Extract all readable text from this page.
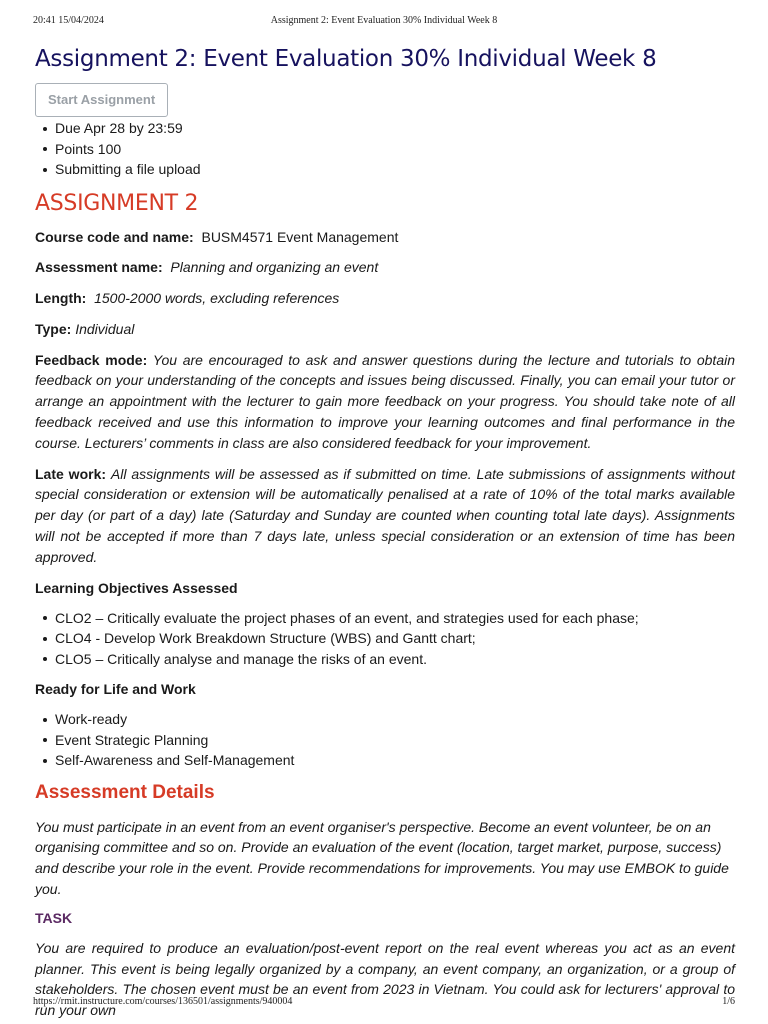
20:41 15/04/2024	Assignment 2: Event Evaluation 30% Individual Week 8
Assignment 2: Event Evaluation 30% Individual Week 8
Start Assignment
Due Apr 28 by 23:59
Points 100
Submitting a file upload
ASSIGNMENT 2

Course code and name: BUSM4571 Event Management

Assessment name: Planning and organizing an event

Length: 1500-2000 words, excluding references

Type: Individual

Feedback mode: You are encouraged to ask and answer questions during the lecture and tutorials to obtain feedback on your understanding of the concepts and issues being discussed. Finally, you can email your tutor or arrange an appointment with the lecturer to gain more feedback on your progress. You should take note of all feedback received and use this information to improve your learning outcomes and final performance in the course. Lecturers’ comments in class are also considered feedback for your improvement.

Late work: All assignments will be assessed as if submitted on time. Late submissions of assignments without special consideration or extension will be automatically penalised at a rate of 10% of the total marks available per day (or part of a day) late (Saturday and Sunday are counted when counting total late days). Assignments will not be accepted if more than 7 days late, unless special consideration or an extension of time has been approved.

Learning Objectives Assessed

CLO2 – Critically evaluate the project phases of an event, and strategies used for each phase;
CLO4 - Develop Work Breakdown Structure (WBS) and Gantt chart;
CLO5 – Critically analyse and manage the risks of an event.

Ready for Life and Work

Work-ready
Event Strategic Planning
Self-Awareness and Self-Management
Assessment Details

You must participate in an event from an event organiser's perspective. Become an event volunteer, be on an organising committee and so on. Provide an evaluation of the event (location, target market, purpose, success) and describe your role in the event. Provide recommendations for improvements. You may use EMBOK to guide you.

TASK

You are required to produce an evaluation/post-event report on the real event whereas you act as an event planner. This event is being legally organized by a company, an event company, an organization, or a group of stakeholders. The chosen event must be an event from 2023 in Vietnam. You could ask for lecturers' approval to run your own

https://rmit.instructure.com/courses/136501/assignments/940004	1/6
